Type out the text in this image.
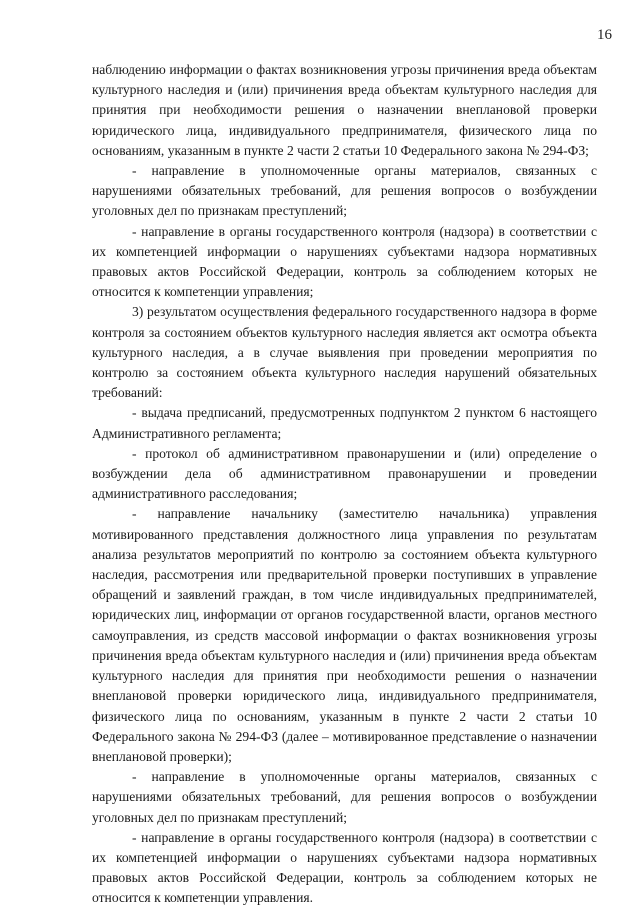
16

наблюдению информации о фактах возникновения угрозы причинения вреда объектам культурного наследия и (или) причинения вреда объектам культурного наследия для принятия при необходимости решения о назначении внеплановой проверки юридического лица, индивидуального предпринимателя, физического лица по основаниям, указанным в пункте 2 части 2 статьи 10 Федерального закона № 294-ФЗ;

- направление в уполномоченные органы материалов, связанных с нарушениями обязательных требований, для решения вопросов о возбуждении уголовных дел по признакам преступлений;

- направление в органы государственного контроля (надзора) в соответствии с их компетенцией информации о нарушениях субъектами надзора нормативных правовых актов Российской Федерации, контроль за соблюдением которых не относится к компетенции управления;

3) результатом осуществления федерального государственного надзора в форме контроля за состоянием объектов культурного наследия является акт осмотра объекта культурного наследия, а в случае выявления при проведении мероприятия по контролю за состоянием объекта культурного наследия нарушений обязательных требований:

- выдача предписаний, предусмотренных подпунктом 2 пунктом 6 настоящего Административного регламента;

- протокол об административном правонарушении и (или) определение о возбуждении дела об административном правонарушении и проведении административного расследования;

- направление начальнику (заместителю начальника) управления мотивированного представления должностного лица управления по результатам анализа результатов мероприятий по контролю за состоянием объекта культурного наследия, рассмотрения или предварительной проверки поступивших в управление обращений и заявлений граждан, в том числе индивидуальных предпринимателей, юридических лиц, информации от органов государственной власти, органов местного самоуправления, из средств массовой информации о фактах возникновения угрозы причинения вреда объектам культурного наследия и (или) причинения вреда объектам культурного наследия для принятия при необходимости решения о назначении внеплановой проверки юридического лица, индивидуального предпринимателя, физического лица по основаниям, указанным в пункте 2 части 2 статьи 10 Федерального закона № 294-ФЗ (далее – мотивированное представление о назначении внеплановой проверки);

- направление в уполномоченные органы материалов, связанных с нарушениями обязательных требований, для решения вопросов о возбуждении уголовных дел по признакам преступлений;

- направление в органы государственного контроля (надзора) в соответствии с их компетенцией информации о нарушениях субъектами надзора нормативных правовых актов Российской Федерации, контроль за соблюдением которых не относится к компетенции управления.
